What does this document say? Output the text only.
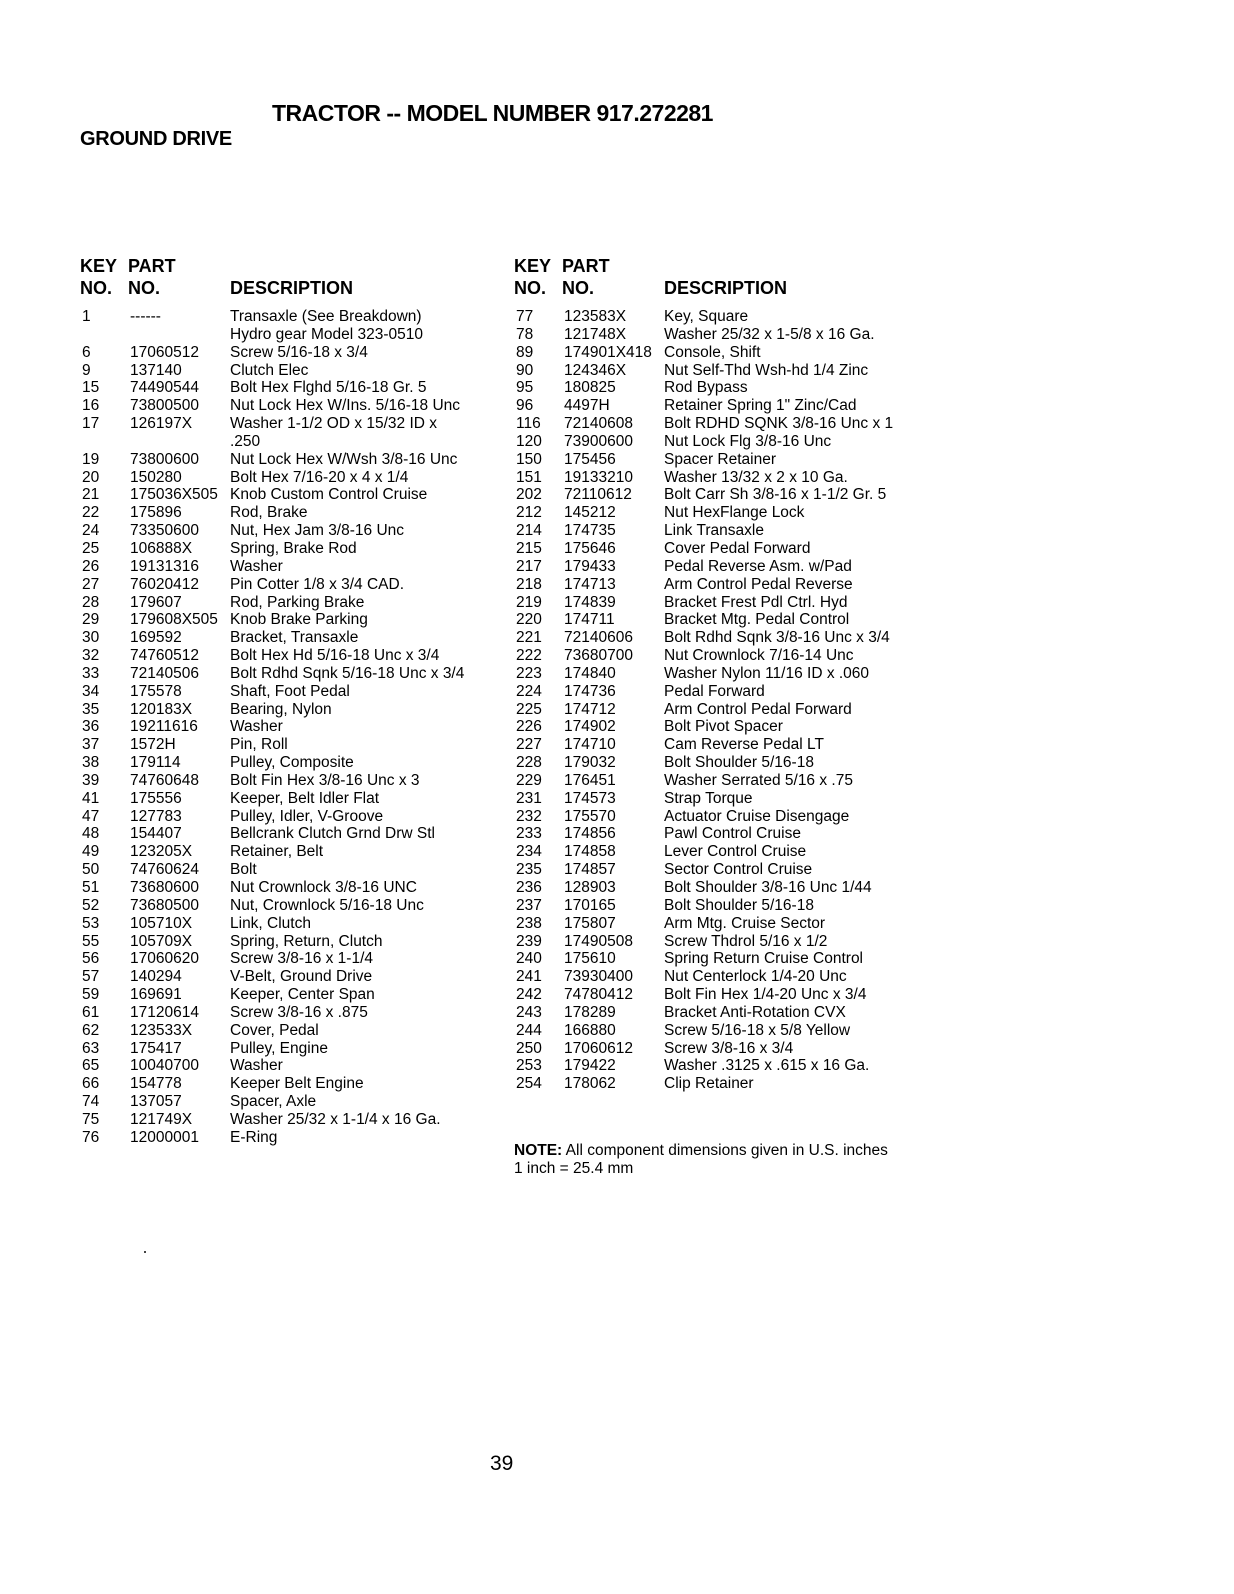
TRACTOR -- MODEL NUMBER 917.272281
GROUND DRIVE
KEY PART
NO. NO.	DESCRIPTION
1	------	Transaxle (See Breakdown)
Hydro gear Model 323-0510
6	17060512 Screw 5/16-18 x 3/4
9	137140	Clutch Elec
15 74490544 Bolt Hex Flghd 5/16-18 Gr. 5
16 73800500 Nut Lock Hex W/Ins. 5/16-18 Unc
17 126197X Washer 1-1/2 OD x 15/32 ID x
.250
19 73800600 Nut Lock Hex W/Wsh 3/8-16 Unc
20 150280	Bolt Hex 7/16-20 x 4 x 1/4
21 175036X505 Knob Custom Control Cruise
22 175896	Rod, Brake
24 73350600 Nut, Hex Jam 3/8-16 Unc
25 106888X Spring, Brake Rod
26 19131316 Washer
27 76020412 Pin Cotter 1/8 x 3/4 CAD.
28 179607	Rod, Parking Brake
29 179608X505 Knob Brake Parking
30 169592	Bracket, Transaxle
32 74760512 Bolt Hex Hd 5/16-18 Unc x 3/4
33 72140506 Bolt Rdhd Sqnk 5/16-18 Unc x 3/4
34 175578	Shaft, Foot Pedal
35 120183X Bearing, Nylon
36 19211616 Washer
37 1572H	Pin, Roll
38 179114	Pulley, Composite
39 74760648 Bolt Fin Hex 3/8-16 Unc x 3
41 175556	Keeper, Belt Idler Flat
47 127783	Pulley, Idler, V-Groove
48 154407	Bellcrank Clutch Grnd Drw Stl
49 123205X Retainer, Belt
50 74760624 Bolt
51 73680600 Nut Crownlock 3/8-16 UNC
52 73680500 Nut, Crownlock 5/16-18 Unc
53 105710X Link, Clutch
55 105709X Spring, Return, Clutch
56 17060620 Screw 3/8-16 x 1-1/4
57 140294	V-Belt, Ground Drive
59 169691	Keeper, Center Span
61 17120614 Screw 3/8-16 x .875
62 123533X Cover, Pedal
63 175417	Pulley, Engine
65 10040700 Washer
66 154778	Keeper Belt Engine
74 137057	Spacer, Axle
75 121749X Washer 25/32 x 1-1/4 x 16 Ga.
76 12000001 E-Ring
KEY PART
NO. NO.	DESCRIPTION
77 123583X Key, Square
78 121748X Washer 25/32 x 1-5/8 x 16 Ga.
89 174901X418 Console, Shift
90 124346X Nut Self-Thd Wsh-hd 1/4 Zinc
95 180825	Rod Bypass
96 4497H	Retainer Spring 1" Zinc/Cad
116 72140608 Bolt RDHD SQNK 3/8-16 Unc x 1
120 73900600 Nut Lock Flg 3/8-16 Unc
150 175456	Spacer Retainer
151 19133210 Washer 13/32 x 2 x 10 Ga.
202 72110612 Bolt Carr Sh 3/8-16 x 1-1/2 Gr. 5
212 145212	Nut HexFlange Lock
214 174735	Link Transaxle
215 175646	Cover Pedal Forward
217 179433	Pedal Reverse Asm. w/Pad
218 174713	Arm Control Pedal Reverse
219 174839	Bracket Frest Pdl Ctrl. Hyd
220 174711	Bracket Mtg. Pedal Control
221 72140606 Bolt Rdhd Sqnk 3/8-16 Unc x 3/4
222 73680700 Nut Crownlock 7/16-14 Unc
223 174840	Washer Nylon 11/16 ID x .060
224 174736	Pedal Forward
225 174712	Arm Control Pedal Forward
226 174902	Bolt Pivot Spacer
227 174710	Cam Reverse Pedal LT
228 179032	Bolt Shoulder 5/16-18
229 176451	Washer Serrated 5/16 x .75
231 174573	Strap Torque
232 175570	Actuator Cruise Disengage
233 174856	Pawl Control Cruise
234 174858	Lever Control Cruise
235 174857	Sector Control Cruise
236 128903	Bolt Shoulder 3/8-16 Unc 1/44
237 170165	Bolt Shoulder 5/16-18
238 175807	Arm Mtg. Cruise Sector
239 17490508 Screw Thdrol 5/16 x 1/2
240 175610	Spring Return Cruise Control
241 73930400 Nut Centerlock 1/4-20 Unc
242 74780412 Bolt Fin Hex 1/4-20 Unc x 3/4
243 178289	Bracket Anti-Rotation CVX
244 166880	Screw 5/16-18 x 5/8 Yellow
250 17060612 Screw 3/8-16 x 3/4
253 179422	Washer .3125 x .615 x 16 Ga.
254 178062	Clip Retainer
NOTE: All component dimensions given in U.S. inches
1 inch = 25.4 mm
39
